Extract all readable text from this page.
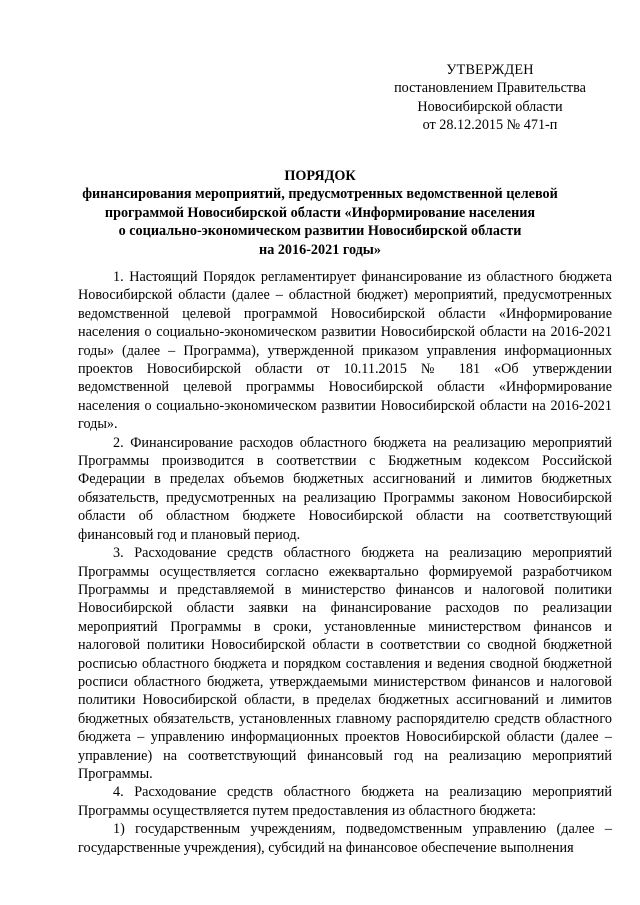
УТВЕРЖДЕН
постановлением Правительства
Новосибирской области
от 28.12.2015 № 471-п
ПОРЯДОК
финансирования мероприятий, предусмотренных ведомственной целевой
программой Новосибирской области «Информирование населения
о социально-экономическом развитии Новосибирской области
на 2016-2021 годы»

1. Настоящий Порядок регламентирует финансирование из областного бюджета Новосибирской области (далее – областной бюджет) мероприятий, предусмотренных ведомственной целевой программой Новосибирской области «Информирование населения о социально-экономическом развитии Новосибирской области на 2016-2021 годы» (далее – Программа), утвержденной приказом управления информационных проектов Новосибирской области от 10.11.2015 № 181 «Об утверждении ведомственной целевой программы Новосибирской области «Информирование населения о социально-экономическом развитии Новосибирской области на 2016-2021 годы».

2. Финансирование расходов областного бюджета на реализацию мероприятий Программы производится в соответствии с Бюджетным кодексом Российской Федерации в пределах объемов бюджетных ассигнований и лимитов бюджетных обязательств, предусмотренных на реализацию Программы законом Новосибирской области об областном бюджете Новосибирской области на соответствующий финансовый год и плановый период.

3. Расходование средств областного бюджета на реализацию мероприятий Программы осуществляется согласно ежеквартально формируемой разработчиком Программы и представляемой в министерство финансов и налоговой политики Новосибирской области заявки на финансирование расходов по реализации мероприятий Программы в сроки, установленные министерством финансов и налоговой политики Новосибирской области в соответствии со сводной бюджетной росписью областного бюджета и порядком составления и ведения сводной бюджетной росписи областного бюджета, утверждаемыми министерством финансов и налоговой политики Новосибирской области, в пределах бюджетных ассигнований и лимитов бюджетных обязательств, установленных главному распорядителю средств областного бюджета – управлению информационных проектов Новосибирской области (далее – управление) на соответствующий финансовый год на реализацию мероприятий Программы.

4. Расходование средств областного бюджета на реализацию мероприятий Программы осуществляется путем предоставления из областного бюджета:

1) государственным учреждениям, подведомственным управлению (далее – государственные учреждения), субсидий на финансовое обеспечение выполнения
